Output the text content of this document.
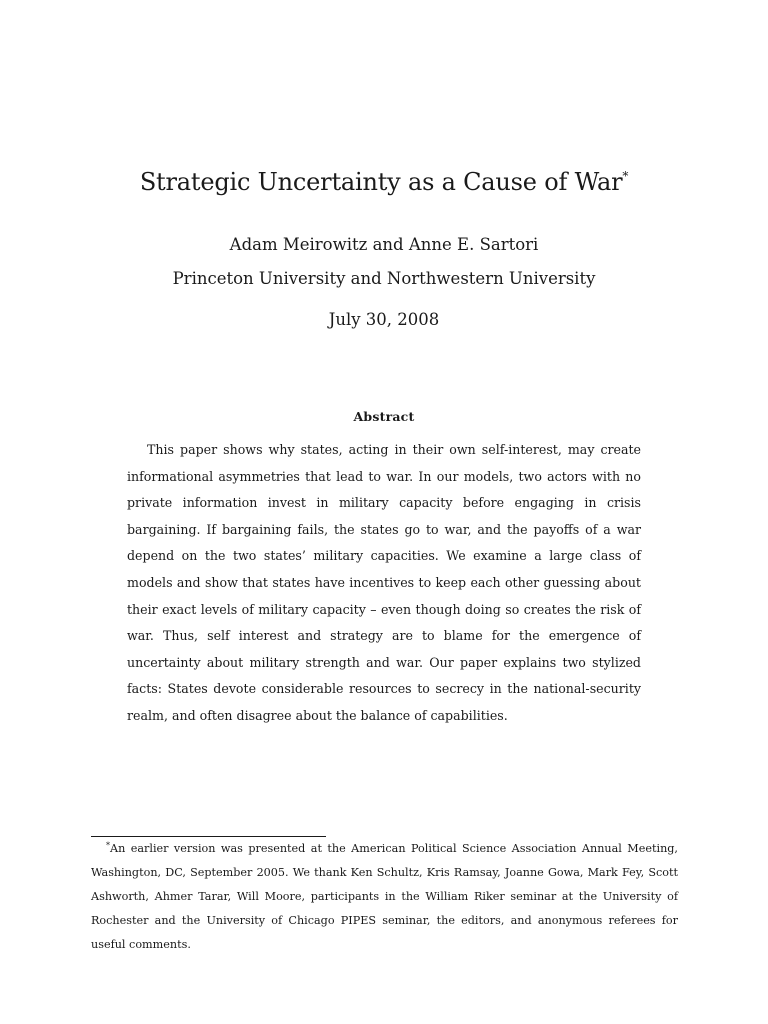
Strategic Uncertainty as a Cause of War*
Adam Meirowitz and Anne E. Sartori
Princeton University and Northwestern University
July 30, 2008
Abstract

This paper shows why states, acting in their own self-interest, may create informational asymmetries that lead to war. In our models, two actors with no private information invest in military capacity before engaging in crisis bargaining. If bargaining fails, the states go to war, and the payoffs of a war depend on the two states’ military capacities. We examine a large class of models and show that states have incentives to keep each other guessing about their exact levels of military capacity – even though doing so creates the risk of war. Thus, self interest and strategy are to blame for the emergence of uncertainty about military strength and war. Our paper explains two stylized facts: States devote considerable resources to secrecy in the national-security realm, and often disagree about the balance of capabilities.

*An earlier version was presented at the American Political Science Association Annual Meeting, Washington, DC, September 2005. We thank Ken Schultz, Kris Ramsay, Joanne Gowa, Mark Fey, Scott Ashworth, Ahmer Tarar, Will Moore, participants in the William Riker seminar at the University of Rochester and the University of Chicago PIPES seminar, the editors, and anonymous referees for useful comments.
